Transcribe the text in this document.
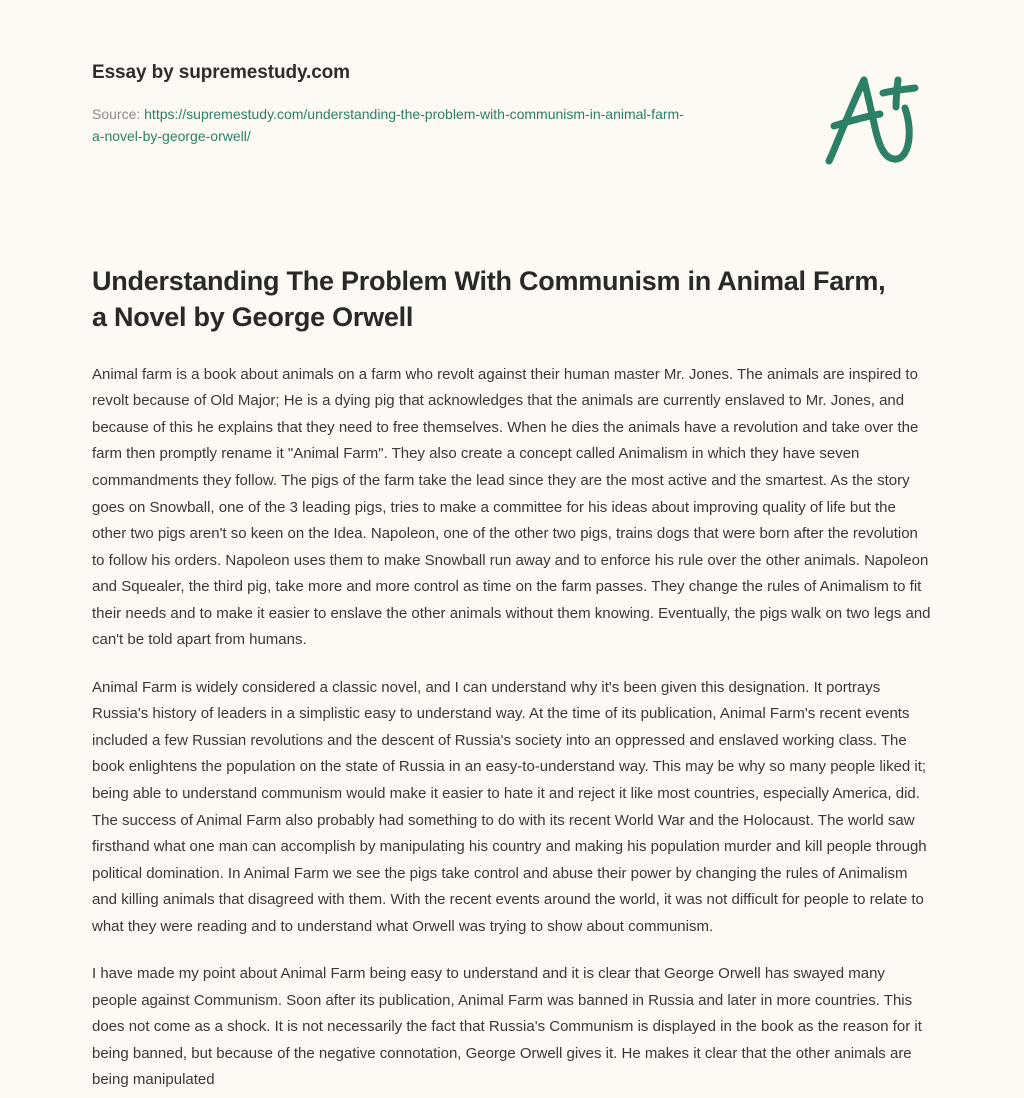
Essay by supremestudy.com
Source: https://supremestudy.com/understanding-the-problem-with-communism-in-animal-farm-a-novel-by-george-orwell/
Understanding The Problem With Communism in Animal Farm, a Novel by George Orwell

Animal farm is a book about animals on a farm who revolt against their human master Mr. Jones. The animals are inspired to revolt because of Old Major; He is a dying pig that acknowledges that the animals are currently enslaved to Mr. Jones, and because of this he explains that they need to free themselves. When he dies the animals have a revolution and take over the farm then promptly rename it "Animal Farm". They also create a concept called Animalism in which they have seven commandments they follow. The pigs of the farm take the lead since they are the most active and the smartest. As the story goes on Snowball, one of the 3 leading pigs, tries to make a committee for his ideas about improving quality of life but the other two pigs aren't so keen on the Idea. Napoleon, one of the other two pigs, trains dogs that were born after the revolution to follow his orders. Napoleon uses them to make Snowball run away and to enforce his rule over the other animals. Napoleon and Squealer, the third pig, take more and more control as time on the farm passes. They change the rules of Animalism to fit their needs and to make it easier to enslave the other animals without them knowing. Eventually, the pigs walk on two legs and can't be told apart from humans.

Animal Farm is widely considered a classic novel, and I can understand why it's been given this designation. It portrays Russia's history of leaders in a simplistic easy to understand way. At the time of its publication, Animal Farm's recent events included a few Russian revolutions and the descent of Russia's society into an oppressed and enslaved working class. The book enlightens the population on the state of Russia in an easy-to-understand way. This may be why so many people liked it; being able to understand communism would make it easier to hate it and reject it like most countries, especially America, did. The success of Animal Farm also probably had something to do with its recent World War and the Holocaust. The world saw firsthand what one man can accomplish by manipulating his country and making his population murder and kill people through political domination. In Animal Farm we see the pigs take control and abuse their power by changing the rules of Animalism and killing animals that disagreed with them. With the recent events around the world, it was not difficult for people to relate to what they were reading and to understand what Orwell was trying to show about communism.

I have made my point about Animal Farm being easy to understand and it is clear that George Orwell has swayed many people against Communism. Soon after its publication, Animal Farm was banned in Russia and later in more countries. This does not come as a shock. It is not necessarily the fact that Russia's Communism is displayed in the book as the reason for it being banned, but because of the negative connotation, George Orwell gives it. He makes it clear that the other animals are being manipulated
